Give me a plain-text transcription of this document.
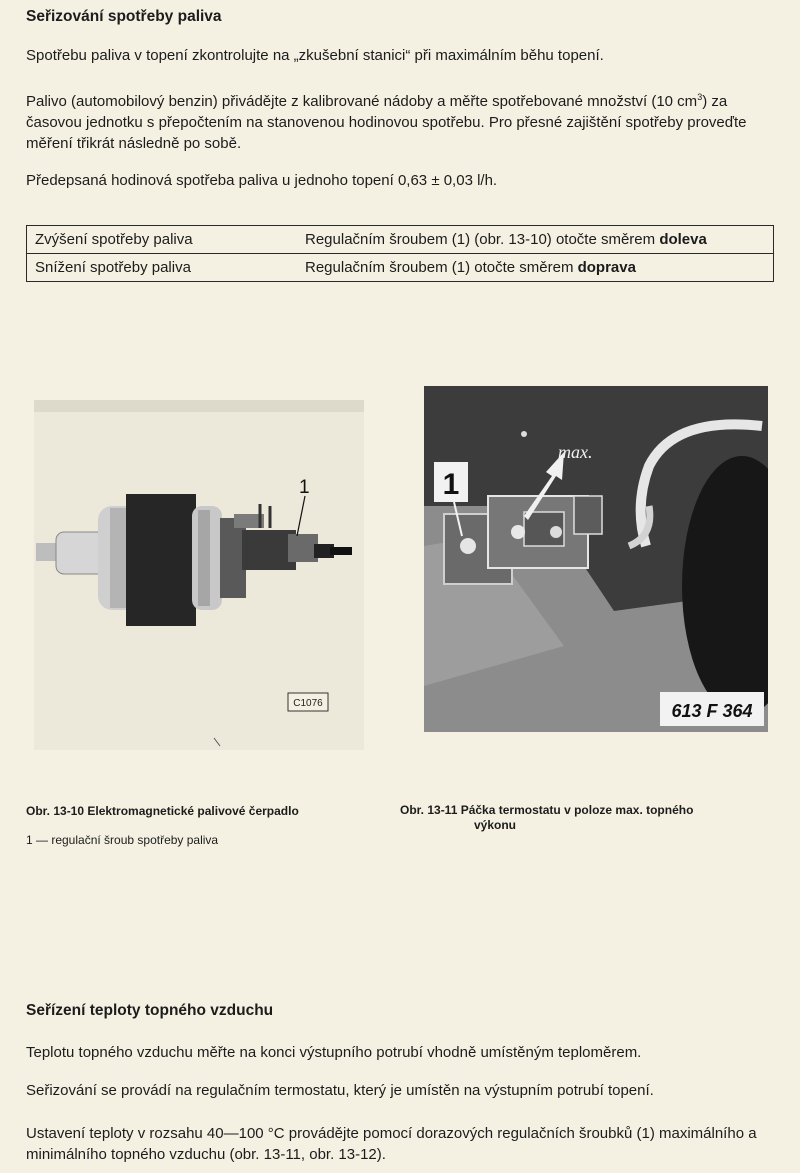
Seřizování spotřeby paliva
Spotřebu paliva v topení zkontrolujte na „zkušební stanici“ při maximálním běhu topení.
Palivo (automobilový benzin) přivádějte z kalibrované nádoby a měřte spotřebované množství (10 $cm^3$) za časovou jednotku s přepočtením na stanovenou hodinovou spotřebu. Pro přesné zajištění spotřeby proveďte měření třikrát následně po sobě.
Předepsaná hodinová spotřeba paliva u jednoho topení 0,63 ± 0,03 l/h.
Zvýšení spotřeby paliva	Regulačním šroubem (1) (obr. 13-10) otočte směrem doleva
Snížení spotřeby paliva	Regulačním šroubem (1) otočte směrem doprava
1
C1076
1
max.
613 F 364
Obr. 13-10 Elektromagnetické palivové čerpadlo
1 — regulační šroub spotřeby paliva
Obr. 13-11 Páčka termostatu v poloze max. topného
výkonu
Seřízení teploty topného vzduchu
Teplotu topného vzduchu měřte na konci výstupního potrubí vhodně umístěným teploměrem.
Seřizování se provádí na regulačním termostatu, který je umístěn na výstupním potrubí topení.
Ustavení teploty v rozsahu 40—100 °C provádějte pomocí dorazových regulačních šroubků (1) maximálního a minimálního topného vzduchu (obr. 13-11, obr. 13-12).
